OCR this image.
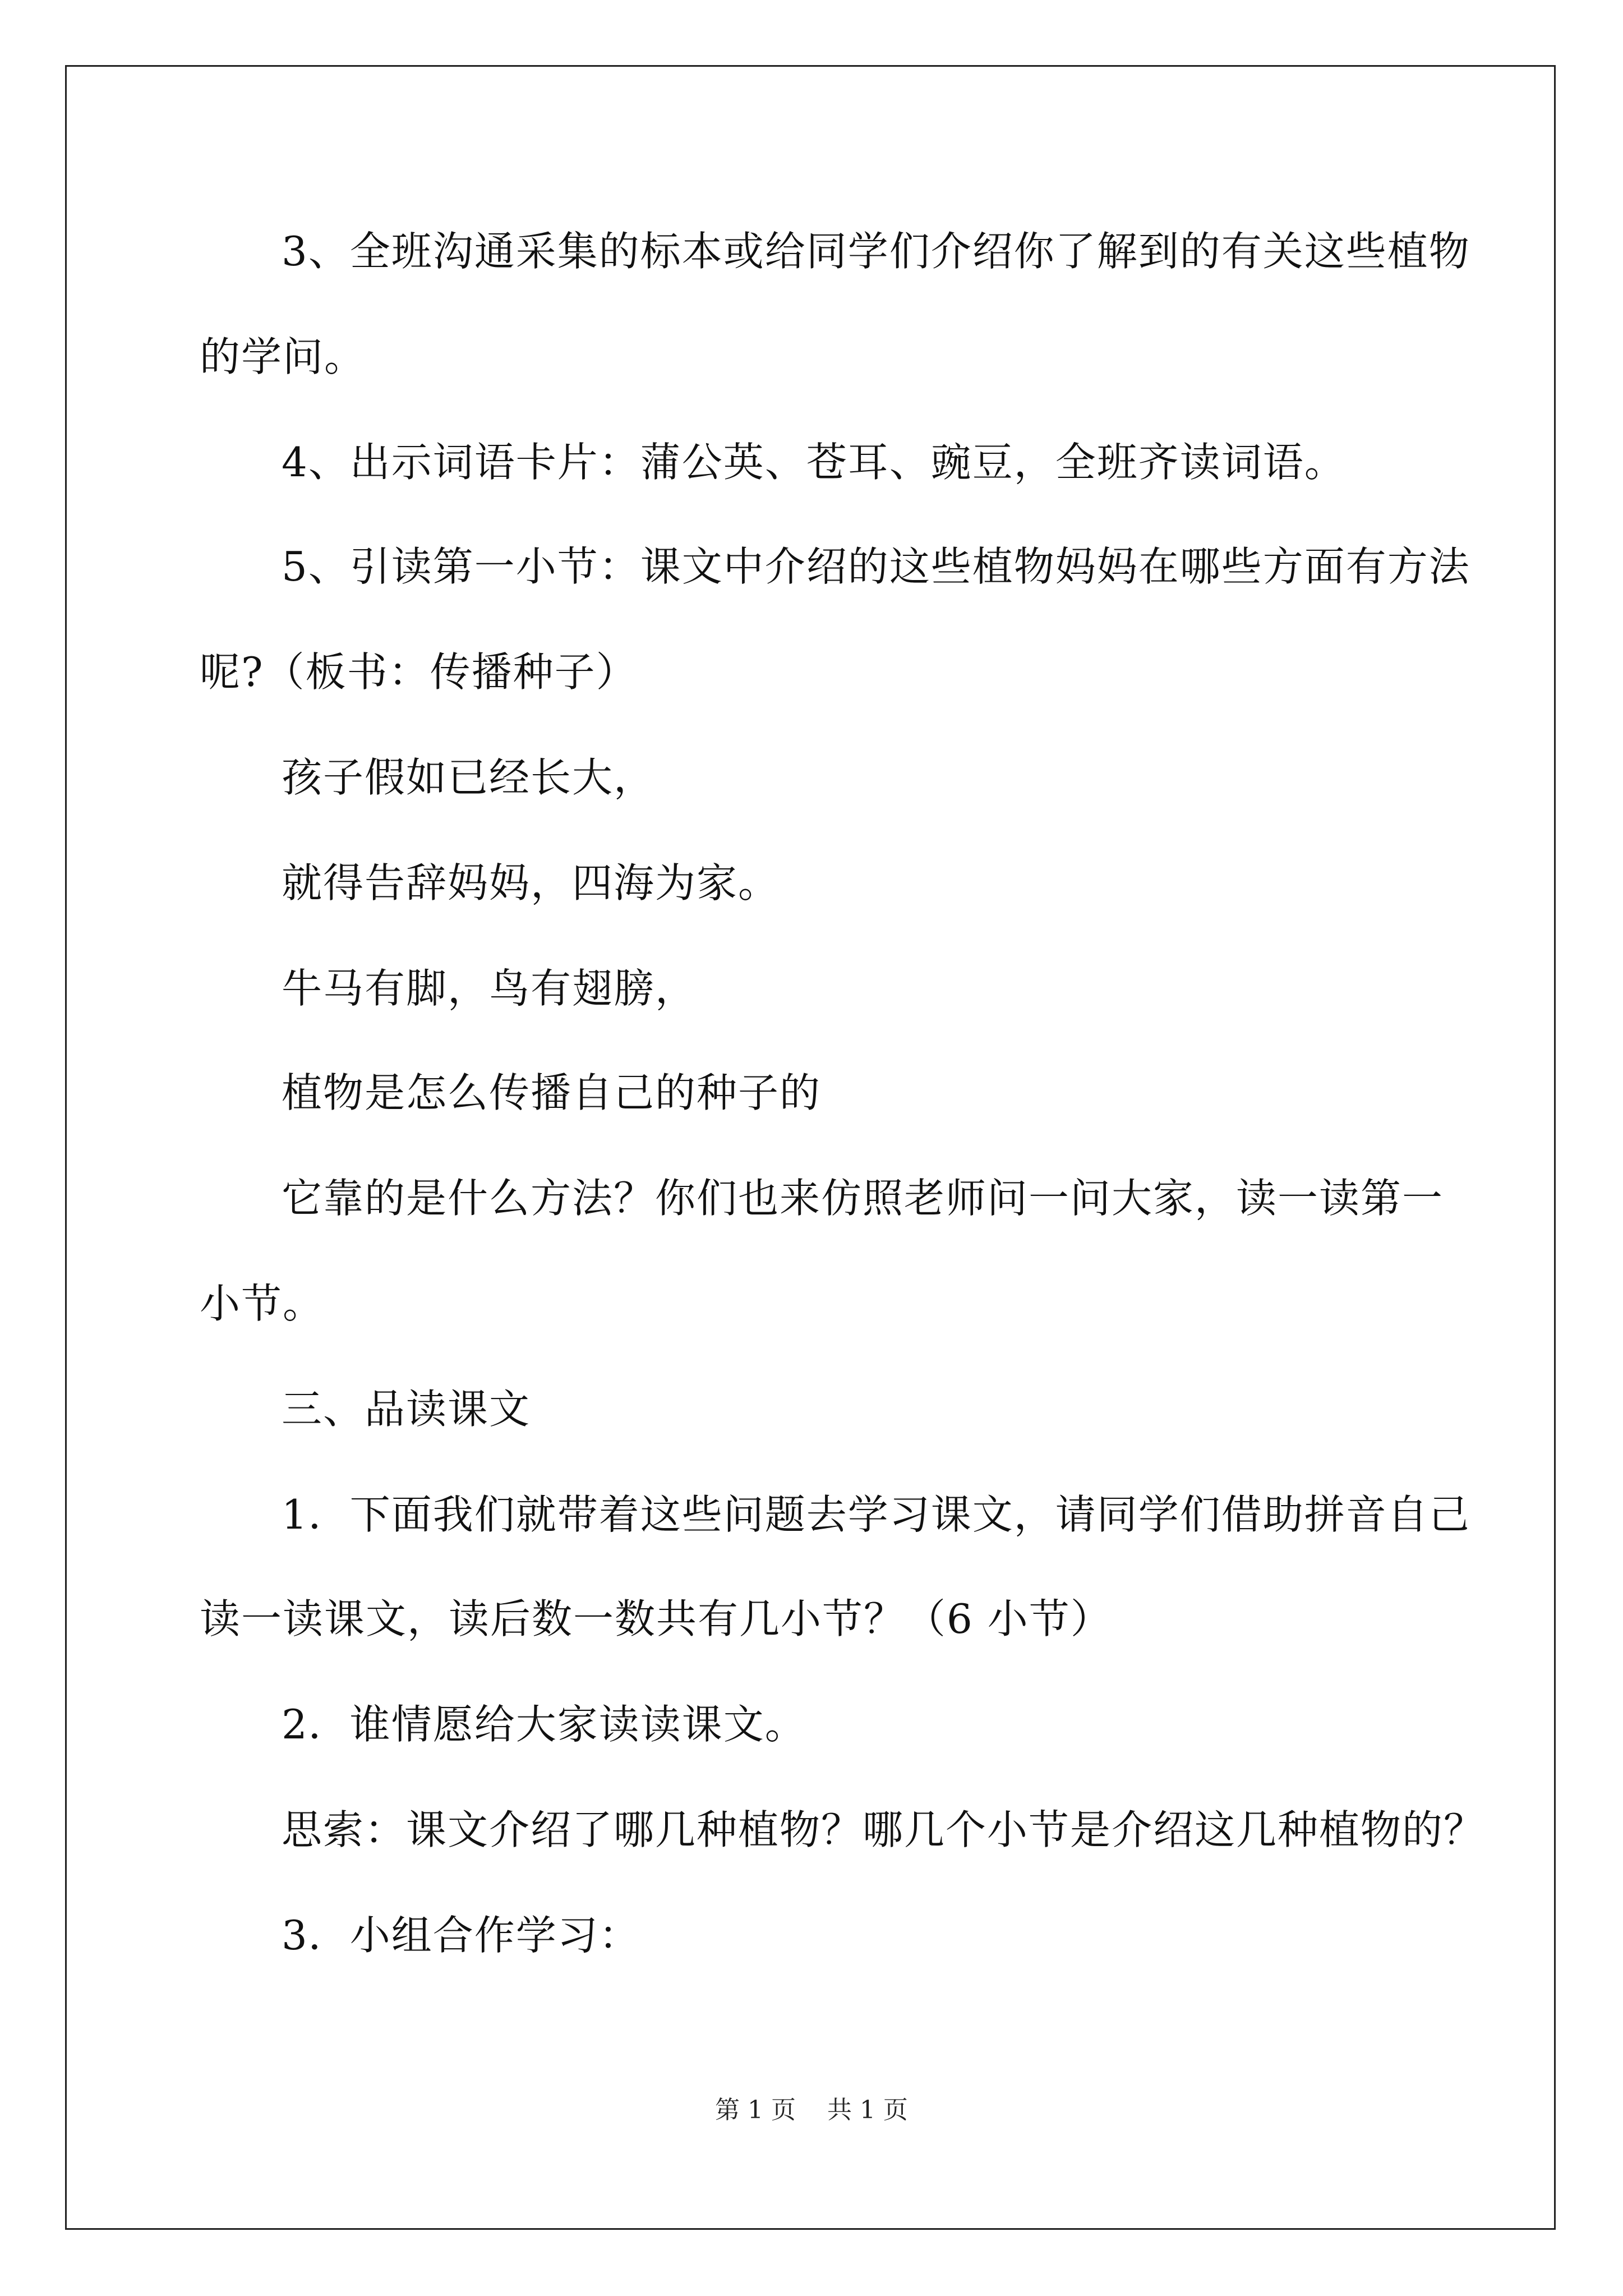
3、全班沟通采集的标本或给同学们介绍你了解到的有关这些植物
的学问。
4、出示词语卡片：蒲公英、苍耳、豌豆，全班齐读词语。
5、引读第一小节：课文中介绍的这些植物妈妈在哪些方面有方法
呢?（板书：传播种子）
孩子假如已经长大，
就得告辞妈妈，四海为家。
牛马有脚，鸟有翅膀，
植物是怎么传播自己的种子的
它靠的是什么方法？你们也来仿照老师问一问大家，读一读第一
小节。
三、品读课文
1．下面我们就带着这些问题去学习课文，请同学们借助拼音自己
读一读课文，读后数一数共有几小节？（6 小节）
2．谁情愿给大家读读课文。
思索：课文介绍了哪几种植物？哪几个小节是介绍这几种植物的？
3．小组合作学习：
第 1 页    共 1 页
